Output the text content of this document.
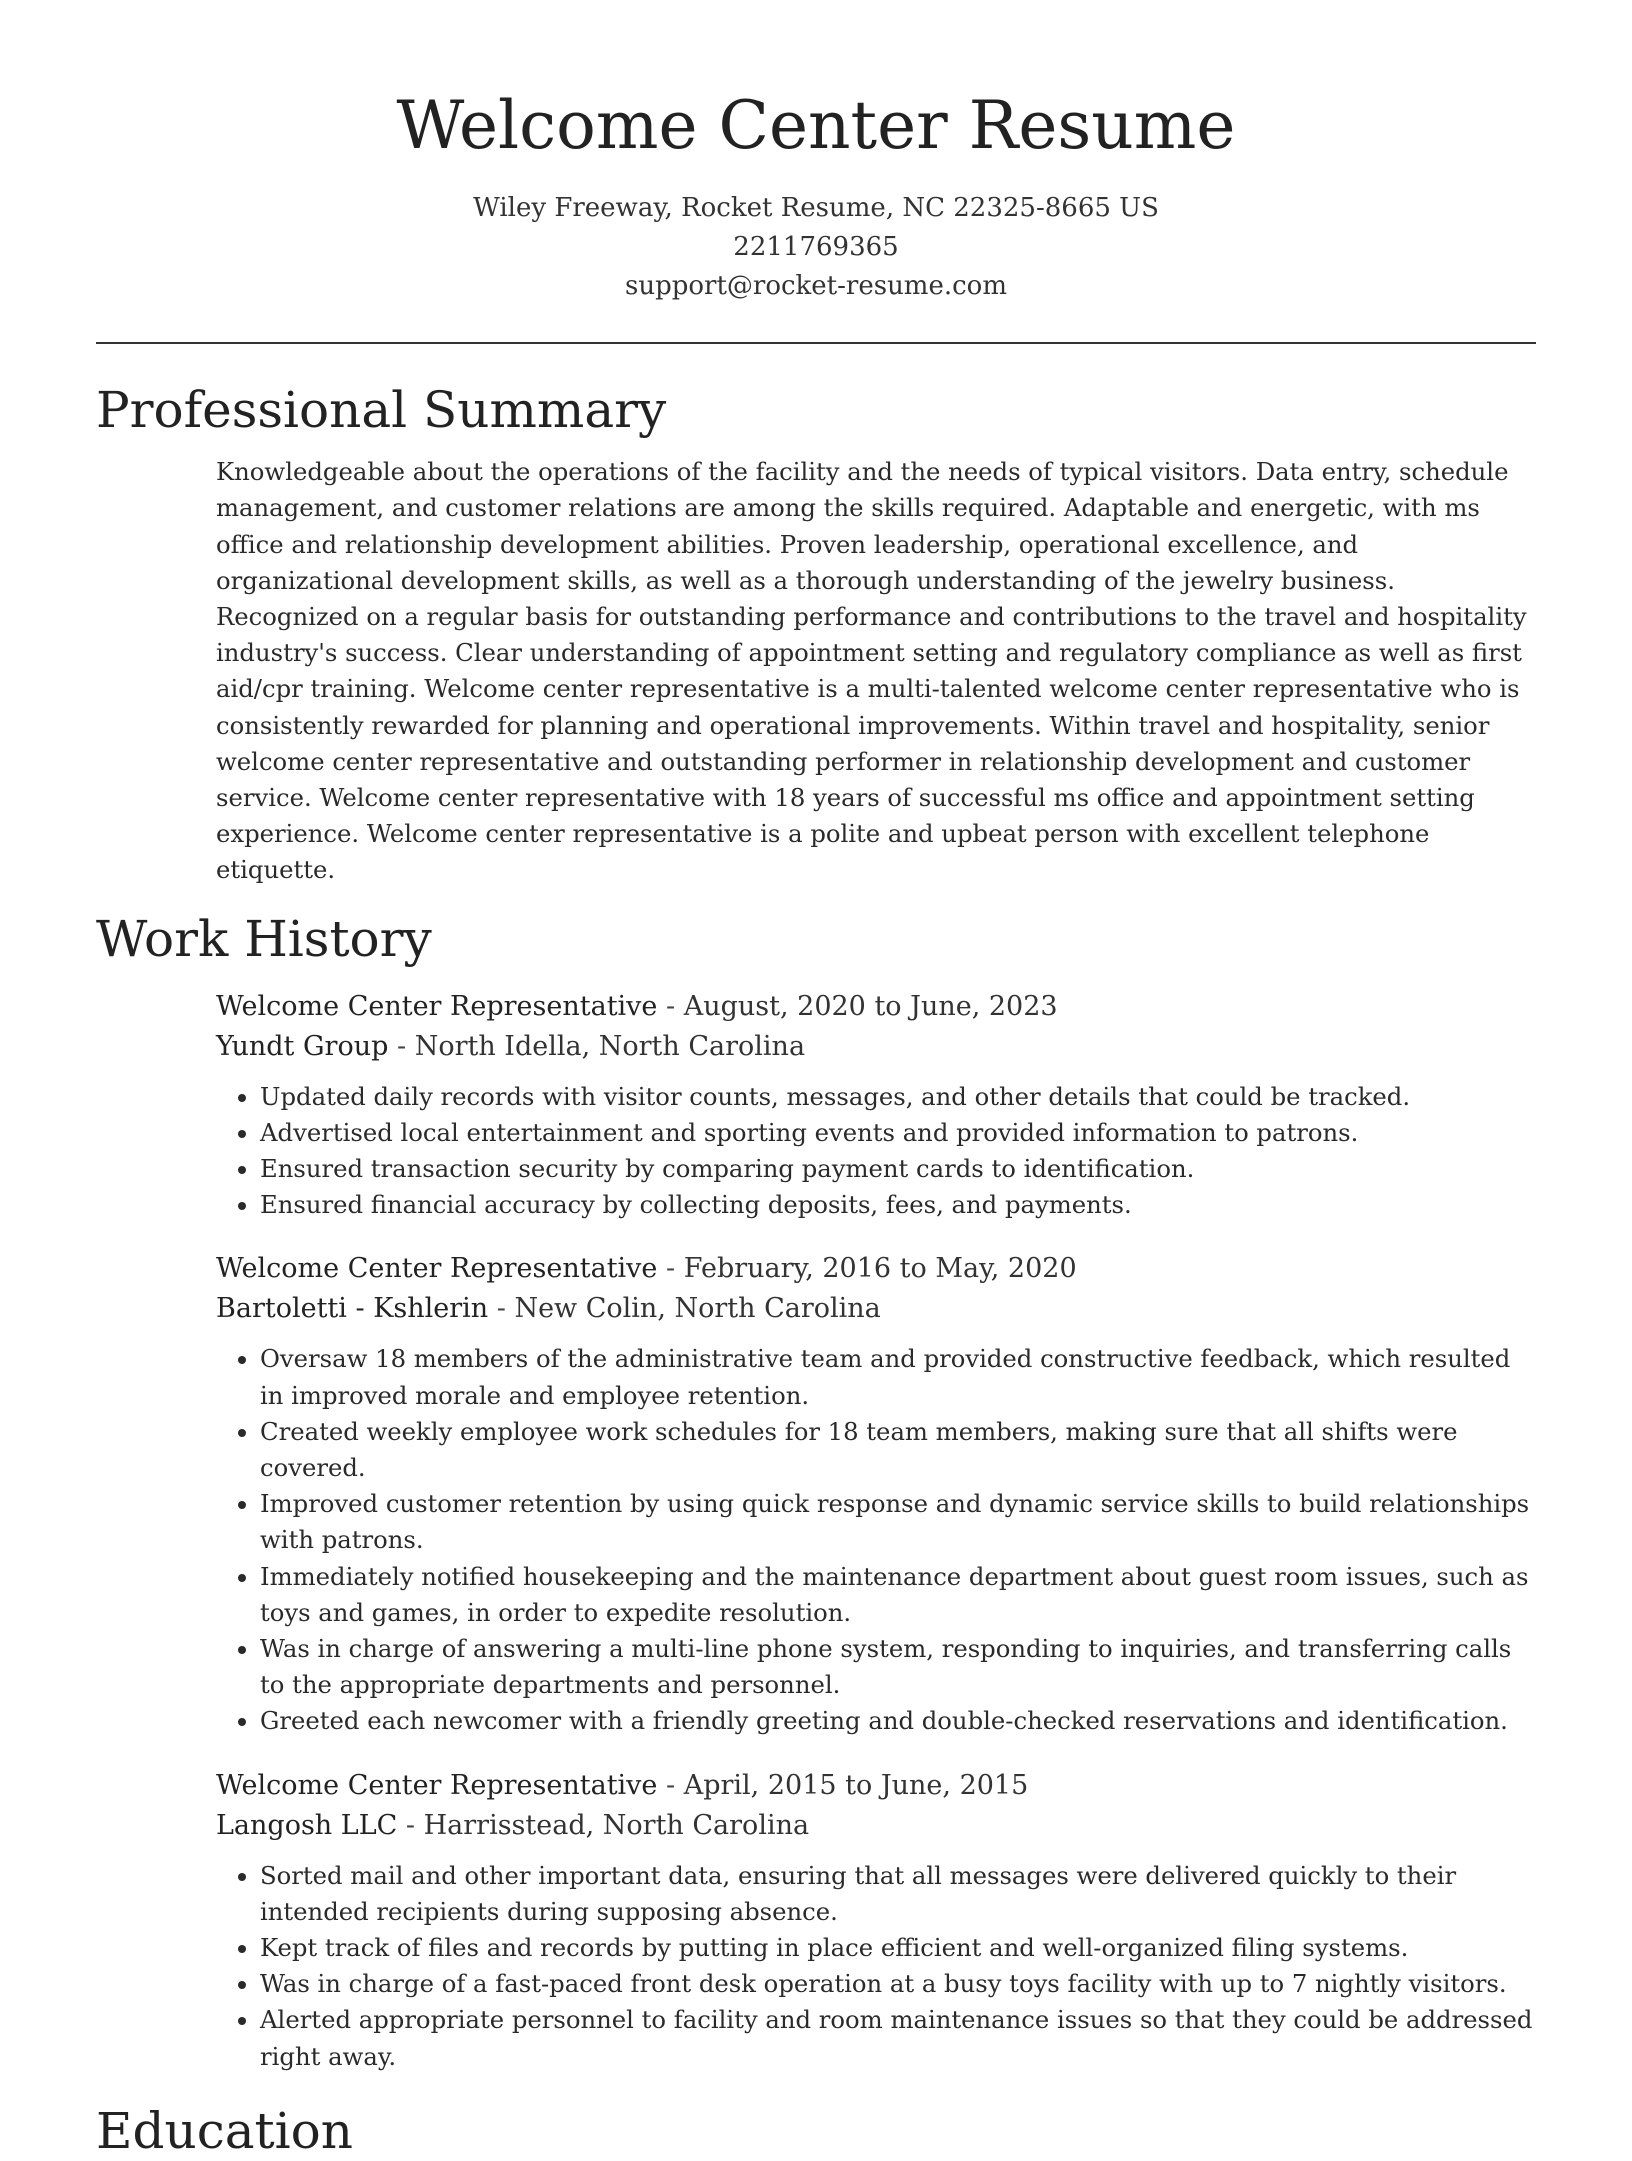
Welcome Center Resume
Wiley Freeway, Rocket Resume, NC 22325-8665 US
2211769365
support@rocket-resume.com
Professional Summary

Knowledgeable about the operations of the facility and the needs of typical visitors. Data entry, schedule management, and customer relations are among the skills required. Adaptable and energetic, with ms office and relationship development abilities. Proven leadership, operational excellence, and organizational development skills, as well as a thorough understanding of the jewelry business. Recognized on a regular basis for outstanding performance and contributions to the travel and hospitality industry's success. Clear understanding of appointment setting and regulatory compliance as well as first aid/cpr training. Welcome center representative is a multi-talented welcome center representative who is consistently rewarded for planning and operational improvements. Within travel and hospitality, senior welcome center representative and outstanding performer in relationship development and customer service. Welcome center representative with 18 years of successful ms office and appointment setting experience. Welcome center representative is a polite and upbeat person with excellent telephone etiquette.

Work History
Welcome Center Representative - August, 2020 to June, 2023
Yundt Group - North Idella, North Carolina
• Updated daily records with visitor counts, messages, and other details that could be tracked.
• Advertised local entertainment and sporting events and provided information to patrons.
• Ensured transaction security by comparing payment cards to identification.
• Ensured financial accuracy by collecting deposits, fees, and payments.
Welcome Center Representative - February, 2016 to May, 2020
Bartoletti - Kshlerin - New Colin, North Carolina
• Oversaw 18 members of the administrative team and provided constructive feedback, which resulted in improved morale and employee retention.
• Created weekly employee work schedules for 18 team members, making sure that all shifts were covered.
• Improved customer retention by using quick response and dynamic service skills to build relationships with patrons.
• Immediately notified housekeeping and the maintenance department about guest room issues, such as toys and games, in order to expedite resolution.
• Was in charge of answering a multi-line phone system, responding to inquiries, and transferring calls to the appropriate departments and personnel.
• Greeted each newcomer with a friendly greeting and double-checked reservations and identification.
Welcome Center Representative - April, 2015 to June, 2015
Langosh LLC - Harrisstead, North Carolina
• Sorted mail and other important data, ensuring that all messages were delivered quickly to their intended recipients during supposing absence.
• Kept track of files and records by putting in place efficient and well-organized filing systems.
• Was in charge of a fast-paced front desk operation at a busy toys facility with up to 7 nightly visitors.
• Alerted appropriate personnel to facility and room maintenance issues so that they could be addressed right away.
Education
